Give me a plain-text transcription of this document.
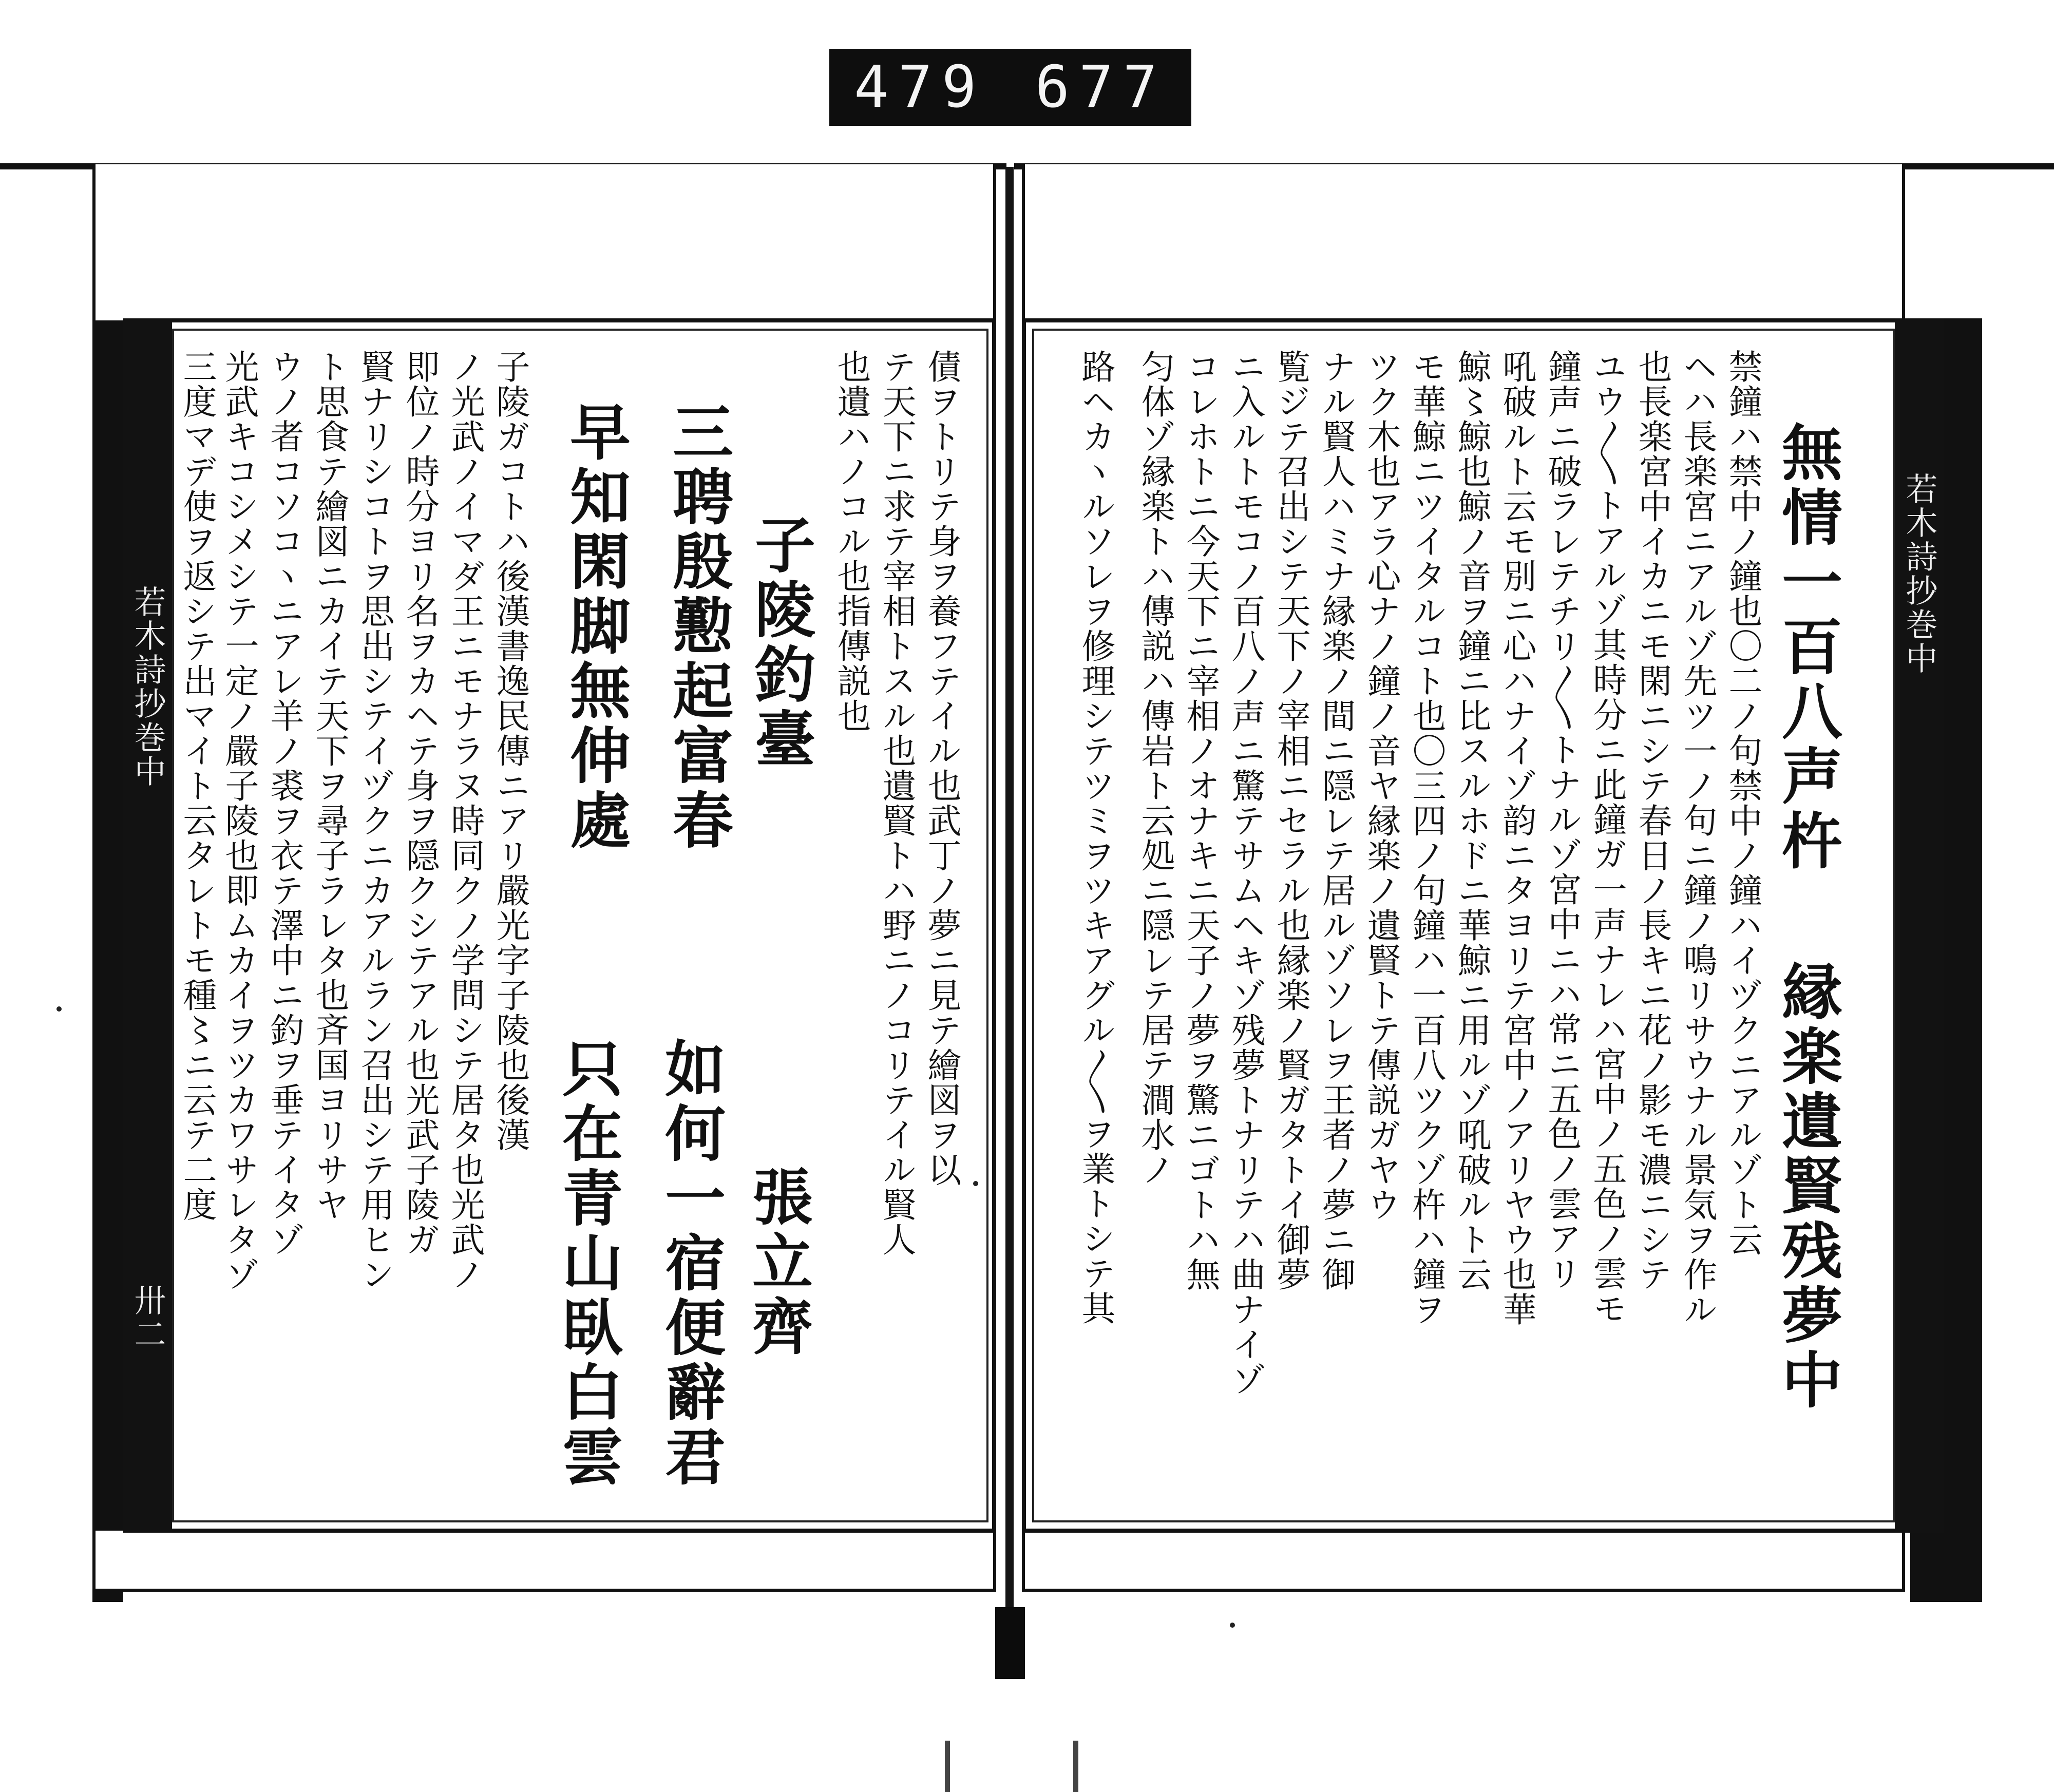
479 677
若木詩抄巻中
卅二
若木詩抄巻中
無情一百八声杵
縁楽遺賢残夢中
禁鐘ハ禁中ノ鐘也〇二ノ句禁中ノ鐘ハイヅクニアルゾト云
ヘハ長楽宮ニアルゾ先ツ一ノ句ニ鐘ノ鳴リサウナル景気ヲ作ル
也長楽宮中イカニモ閑ニシテ春日ノ長キニ花ノ影モ濃ニシテ
ユウ〳〵トアルゾ其時分ニ此鐘ガ一声ナレハ宮中ノ五色ノ雲モ
鐘声ニ破ラレテチリ〳〵トナルゾ宮中ニハ常ニ五色ノ雲アリ
吼破ルト云モ別ニ心ハナイゾ韵ニタヨリテ宮中ノアリヤウ也華
鯨〻鯨也鯨ノ音ヲ鐘ニ比スルホドニ華鯨ニ用ルゾ吼破ルト云
モ華鯨ニツイタルコト也〇三四ノ句鐘ハ一百八ツクゾ杵ハ鐘ヲ
ツク木也アラ心ナノ鐘ノ音ヤ縁楽ノ遺賢トテ傳説ガヤウ
ナル賢人ハミナ縁楽ノ間ニ隠レテ居ルゾソレヲ王者ノ夢ニ御
覧ジテ召出シテ天下ノ宰相ニセラル也縁楽ノ賢ガタトイ御夢
ニ入ルトモコノ百八ノ声ニ驚テサムヘキゾ残夢トナリテハ曲ナイゾ
コレホトニ今天下ニ宰相ノオナキニ天子ノ夢ヲ驚ニゴトハ無
匀体ゾ縁楽トハ傳説ハ傳岩ト云処ニ隠レテ居テ澗水ノ
路ヘカヽルソレヲ修理シテツミヲツキアグル〳〵ヲ業トシテ其
債ヲトリテ身ヲ養フテイル也武丁ノ夢ニ見テ繪図ヲ以
テ天下ニ求テ宰相トスル也遺賢トハ野ニノコリテイル賢人
也遺ハノコル也指傳説也
子陵釣臺
三聘殷懃起富春
早知閑脚無伸處
張立齊
如何一宿便辭君
只在青山臥白雲
子陵ガコトハ後漢書逸民傳ニアリ嚴光字子陵也後漢
ノ光武ノイマダ王ニモナラヌ時同クノ学問シテ居タ也光武ノ
即位ノ時分ヨリ名ヲカヘテ身ヲ隠クシテアル也光武子陵ガ
賢ナリシコトヲ思出シテイヅクニカアルラン召出シテ用ヒン
ト思食テ繪図ニカイテ天下ヲ尋子ラレタ也斉国ヨリサヤ
ウノ者コソコヽニアレ羊ノ裘ヲ衣テ澤中ニ釣ヲ垂テイタゾ
光武キコシメシテ一定ノ嚴子陵也即ムカイヲツカワサレタゾ
三度マデ使ヲ返シテ出マイト云タレトモ種〻ニ云テ二度
